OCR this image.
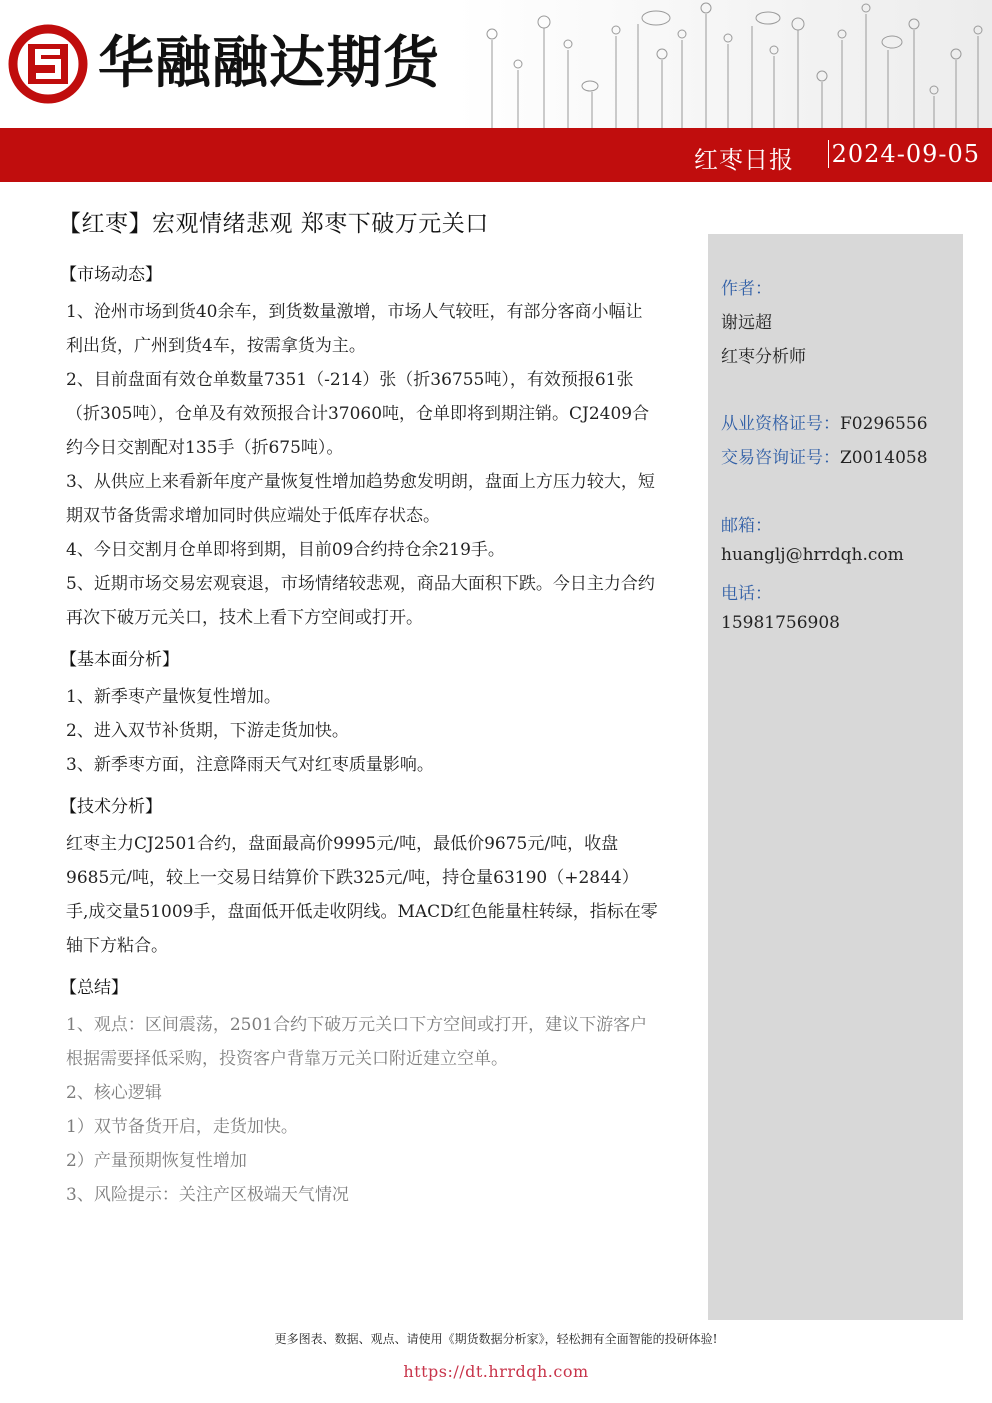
华融融达期货
红枣日报 2024-09-05
【红枣】宏观情绪悲观 郑枣下破万元关口
【市场动态】

1、沧州市场到货40余车，到货数量激增，市场人气较旺，有部分客商小幅让利出货，广州到货4车，按需拿货为主。

2、目前盘面有效仓单数量7351（-214）张（折36755吨），有效预报61张（折305吨），仓单及有效预报合计37060吨，仓单即将到期注销。CJ2409合约今日交割配对135手（折675吨）。

3、从供应上来看新年度产量恢复性增加趋势愈发明朗，盘面上方压力较大，短期双节备货需求增加同时供应端处于低库存状态。

4、今日交割月仓单即将到期，目前09合约持仓余219手。

5、近期市场交易宏观衰退，市场情绪较悲观，商品大面积下跌。今日主力合约再次下破万元关口，技术上看下方空间或打开。

【基本面分析】

1、新季枣产量恢复性增加。

2、进入双节补货期，下游走货加快。

3、新季枣方面，注意降雨天气对红枣质量影响。

【技术分析】

红枣主力CJ2501合约，盘面最高价9995元/吨，最低价9675元/吨，收盘9685元/吨，较上一交易日结算价下跌325元/吨，持仓量63190（+2844）手,成交量51009手，盘面低开低走收阴线。MACD红色能量柱转绿，指标在零轴下方粘合。

【总结】

1、观点：区间震荡，2501合约下破万元关口下方空间或打开，建议下游客户根据需要择低采购，投资客户背靠万元关口附近建立空单。

2、核心逻辑

1）双节备货开启，走货加快。

2）产量预期恢复性增加

3、风险提示：关注产区极端天气情况

作者：
谢远超
红枣分析师
从业资格证号：F0296556
交易咨询证号：Z0014058
邮箱：
huanglj@hrrdqh.com
电话：
15981756908
更多图表、数据、观点、请使用《期货数据分析家》，轻松拥有全面智能的投研体验!
https://dt.hrrdqh.com
